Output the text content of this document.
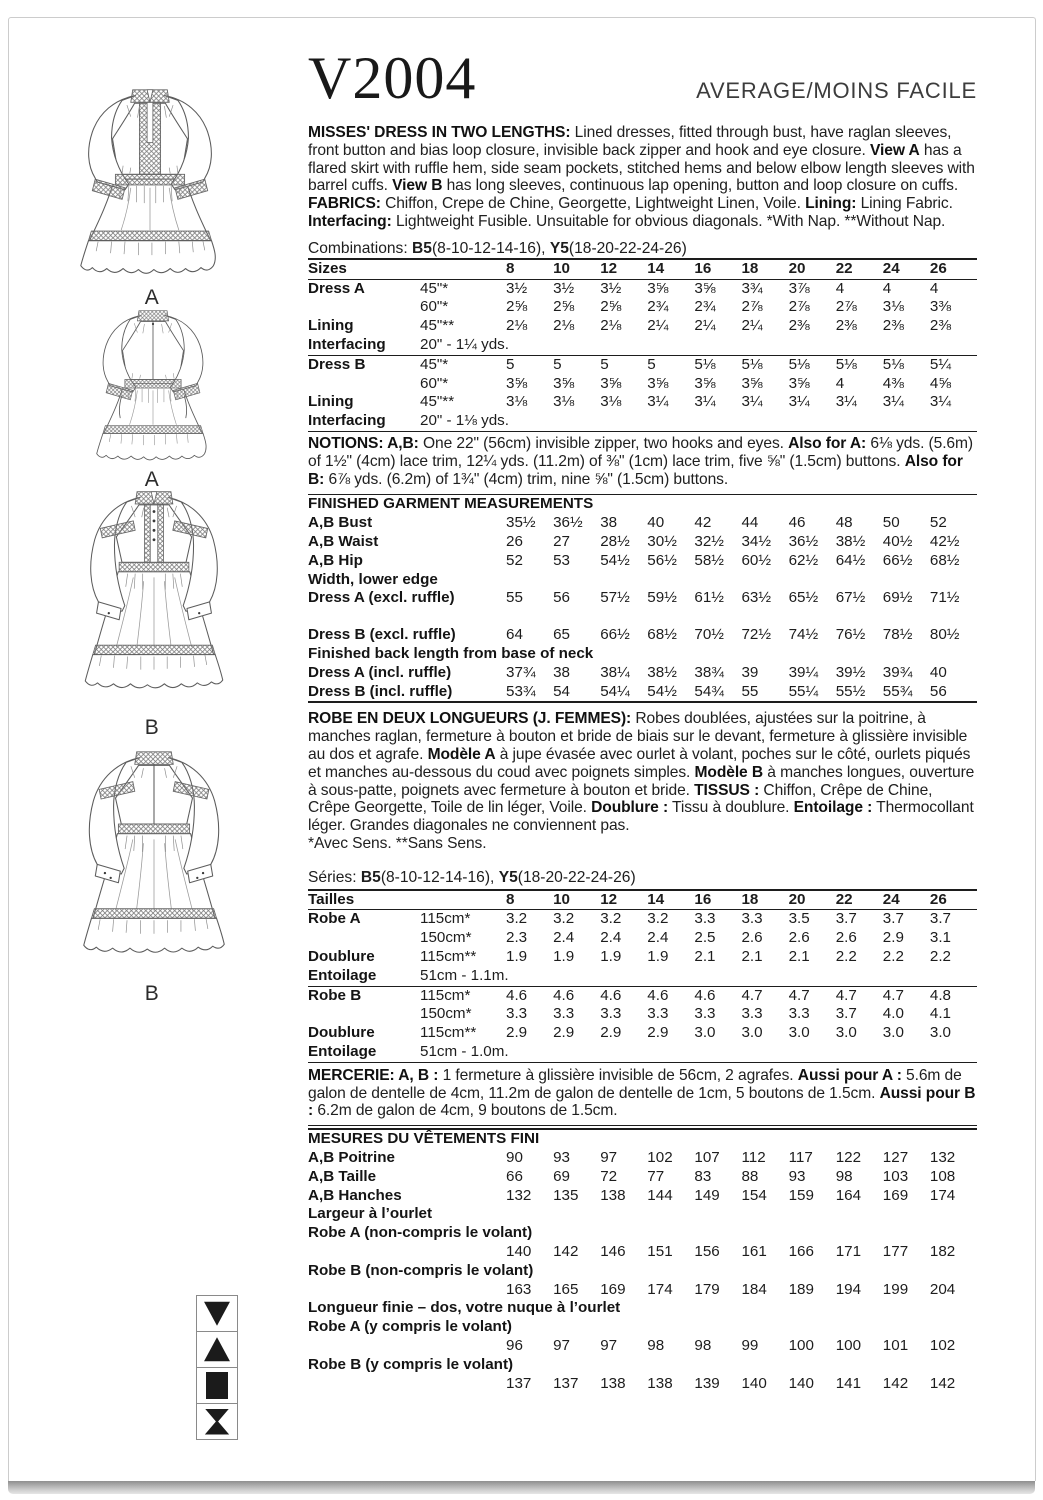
A
A
B
B
V2004	AVERAGE/MOINS FACILE
MISSES' DRESS IN TWO LENGTHS: Lined dresses, fitted through bust, have raglan sleeves, front button and bias loop closure, invisible back zipper and hook and eye closure. View A has a flared skirt with ruffle hem, side seam pockets, stitched hems and below elbow length sleeves with barrel cuffs. View B has long sleeves, continuous lap opening, button and loop closure on cuffs. FABRICS: Chiffon, Crepe de Chine, Georgette, Lightweight Linen, Voile. Lining: Lining Fabric. Interfacing: Lightweight Fusible. Unsuitable for obvious diagonals. *With Nap. **Without Nap.
Combinations: B5(8-10-12-14-16), Y5(18-20-22-24-26)
Sizes	8	10	12	14	16	18	20	22	24	26
Dress A	45"*	3½	3½	3½	3⅝	3⅝	3¾	3⅞	4	4	4
60"*	2⅝	2⅝	2⅝	2¾	2¾	2⅞	2⅞	2⅞	3⅛	3⅜
Lining	45"**	2⅛	2⅛	2⅛	2¼	2¼	2¼	2⅜	2⅜	2⅜	2⅜
Interfacing	20" - 1¼ yds.
Dress B	45"*	5	5	5	5	5⅛	5⅛	5⅛	5⅛	5⅛	5¼
60"*	3⅝	3⅝	3⅝	3⅝	3⅝	3⅝	3⅝	4	4⅜	4⅝
Lining	45"**	3⅛	3⅛	3⅛	3¼	3¼	3¼	3¼	3¼	3¼	3¼
Interfacing	20" - 1⅛ yds.
NOTIONS: A,B: One 22" (56cm) invisible zipper, two hooks and eyes. Also for A: 6⅛ yds. (5.6m) of 1½" (4cm) lace trim, 12¼ yds. (11.2m) of ⅜" (1cm) lace trim, five ⅝" (1.5cm) buttons. Also for B: 6⅞ yds. (6.2m) of 1¾" (4cm) trim, nine ⅝" (1.5cm) buttons.
FINISHED GARMENT MEASUREMENTS
A,B Bust	35½	36½	38	40	42	44	46	48	50	52
A,B Waist	26	27	28½	30½	32½	34½	36½	38½	40½	42½
A,B Hip	52	53	54½	56½	58½	60½	62½	64½	66½	68½
Width, lower edge
Dress A (excl. ruffle)	55	56	57½	59½	61½	63½	65½	67½	69½	71½
Dress B (excl. ruffle)	64	65	66½	68½	70½	72½	74½	76½	78½	80½
Finished back length from base of neck
Dress A (incl. ruffle)	37¾	38	38¼	38½	38¾	39	39¼	39½	39¾	40
Dress B (incl. ruffle)	53¾	54	54¼	54½	54¾	55	55¼	55½	55¾	56
ROBE EN DEUX LONGUEURS (J. FEMMES): Robes doublées, ajustées sur la poitrine, à manches raglan, fermeture à bouton et bride de biais sur le devant, fermeture à glissière invisible au dos et agrafe. Modèle A à jupe évasée avec ourlet à volant, poches sur le côté, ourlets piqués et manches au-dessous du coud avec poignets simples. Modèle B à manches longues, ouverture à sous-patte, poignets avec fermeture à bouton et bride. TISSUS : Chiffon, Crêpe de Chine, Crêpe Georgette, Toile de lin léger, Voile. Doublure : Tissu à doublure. Entoilage : Thermocollant léger. Grandes diagonales ne conviennent pas.
*Avec Sens. **Sans Sens.
Séries: B5(8-10-12-14-16), Y5(18-20-22-24-26)
Tailles	8	10	12	14	16	18	20	22	24	26
Robe A	115cm*	3.2	3.2	3.2	3.2	3.3	3.3	3.5	3.7	3.7	3.7
150cm*	2.3	2.4	2.4	2.4	2.5	2.6	2.6	2.6	2.9	3.1
Doublure	115cm**	1.9	1.9	1.9	1.9	2.1	2.1	2.1	2.2	2.2	2.2
Entoilage	51cm - 1.1m.
Robe B	115cm*	4.6	4.6	4.6	4.6	4.6	4.7	4.7	4.7	4.7	4.8
150cm*	3.3	3.3	3.3	3.3	3.3	3.3	3.3	3.7	4.0	4.1
Doublure	115cm**	2.9	2.9	2.9	2.9	3.0	3.0	3.0	3.0	3.0	3.0
Entoilage	51cm - 1.0m.
MERCERIE: A, B : 1 fermeture à glissière invisible de 56cm, 2 agrafes. Aussi pour A : 5.6m de galon de dentelle de 4cm, 11.2m de galon de dentelle de 1cm, 5 boutons de 1.5cm. Aussi pour B : 6.2m de galon de 4cm, 9 boutons de 1.5cm.
MESURES DU VÊTEMENTS FINI
A,B Poitrine	90	93	97	102	107	112	117	122	127	132
A,B Taille	66	69	72	77	83	88	93	98	103	108
A,B Hanches	132	135	138	144	149	154	159	164	169	174
Largeur à l’ourlet
Robe A (non-compris le volant)
140	142	146	151	156	161	166	171	177	182
Robe B (non-compris le volant)
163	165	169	174	179	184	189	194	199	204
Longueur finie – dos, votre nuque à l’ourlet
Robe A (y compris le volant)
96	97	97	98	98	99	100	100	101	102
Robe B (y compris le volant)
137	137	138	138	139	140	140	141	142	142
